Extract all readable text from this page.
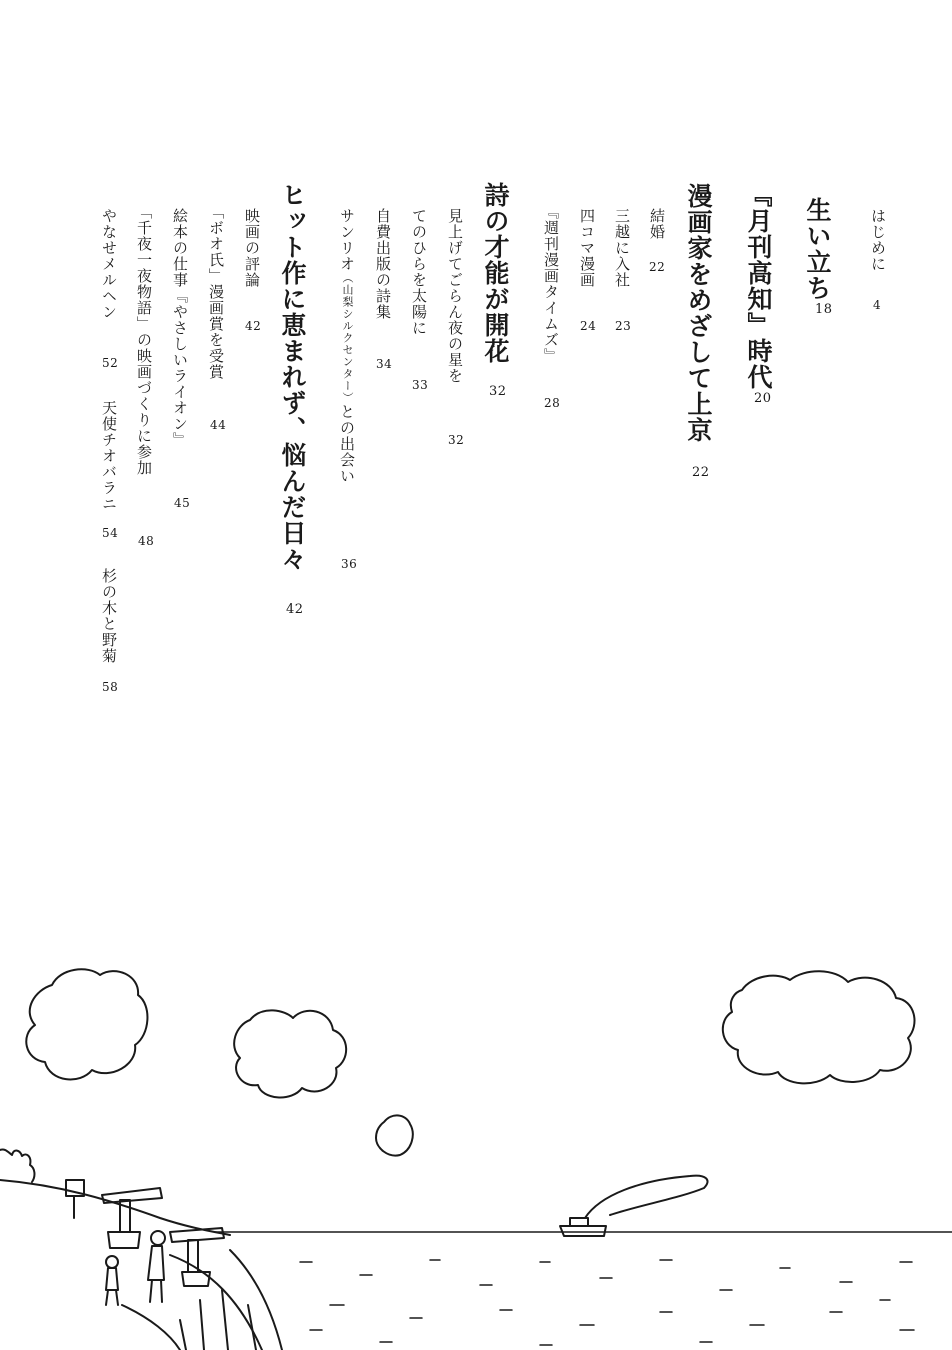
はじめに
4
生い立ち
18
『月刊高知』時代
20
漫画家をめざして上京
22
結婚
22
三越に入社
23
四コマ漫画
24
『週刊漫画タイムズ』
28
詩の才能が開花
32
見上げてごらん夜の星を
32
てのひらを太陽に
33
自費出版の詩集
34
サンリオ（山梨シルクセンター）との出会い
36
ヒット作に恵まれず、悩んだ日々
42
映画の評論
42
「ボオ氏」漫画賞を受賞
44
絵本の仕事『やさしいライオン』
45
「千夜一夜物語」の映画づくりに参加
48
やなせメルヘン
52
天使チオバラニ
54
杉の木と野菊
58
